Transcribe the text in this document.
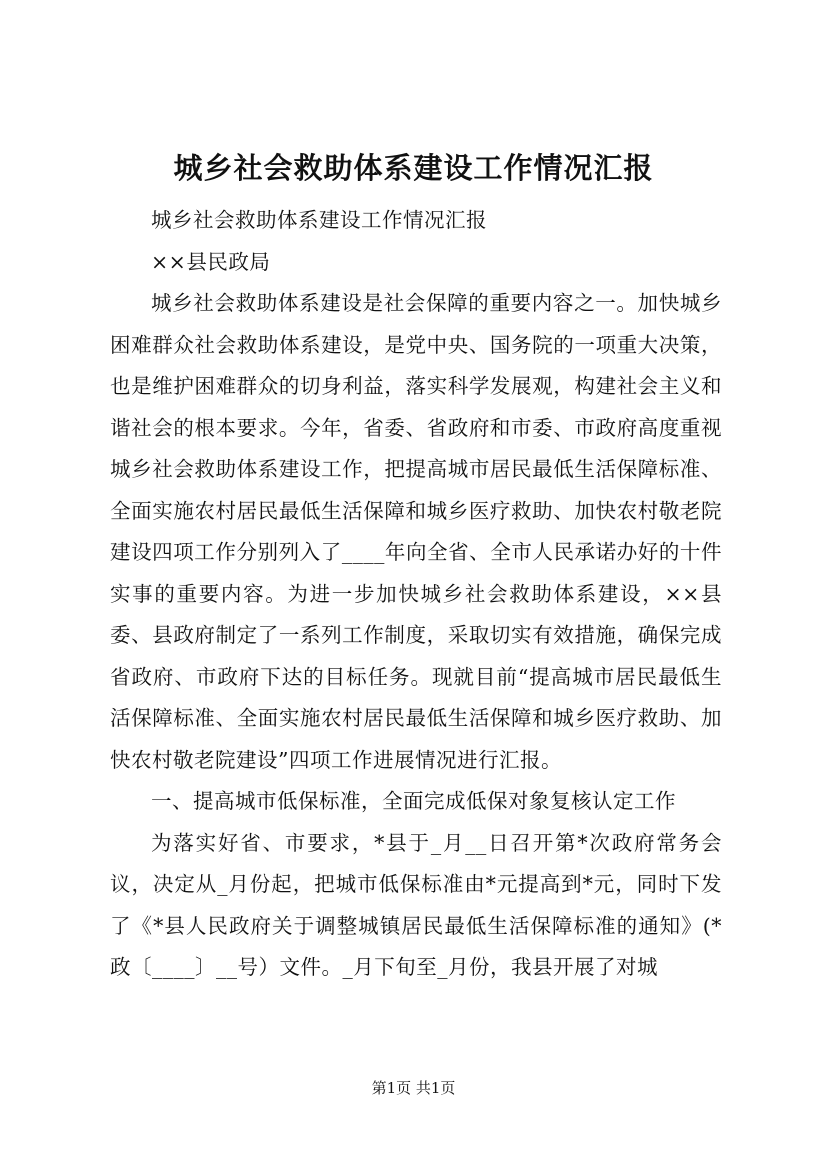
城乡社会救助体系建设工作情况汇报

城乡社会救助体系建设工作情况汇报

××县民政局

城乡社会救助体系建设是社会保障的重要内容之一。加快城乡困难群众社会救助体系建设，是党中央、国务院的一项重大决策，也是维护困难群众的切身利益，落实科学发展观，构建社会主义和谐社会的根本要求。今年，省委、省政府和市委、市政府高度重视城乡社会救助体系建设工作，把提高城市居民最低生活保障标准、全面实施农村居民最低生活保障和城乡医疗救助、加快农村敬老院建设四项工作分别列入了____年向全省、全市人民承诺办好的十件实事的重要内容。为进一步加快城乡社会救助体系建设，××县委、县政府制定了一系列工作制度，采取切实有效措施，确保完成省政府、市政府下达的目标任务。现就目前“提高城市居民最低生活保障标准、全面实施农村居民最低生活保障和城乡医疗救助、加快农村敬老院建设”四项工作进展情况进行汇报。

一、提高城市低保标准，全面完成低保对象复核认定工作

为落实好省、市要求，*县于_月__日召开第*次政府常务会议，决定从_月份起，把城市低保标准由*元提高到*元，同时下发了《*县人民政府关于调整城镇居民最低生活保障标准的通知》(*政〔____〕__号）文件。_月下旬至_月份，我县开展了对城

第1页 共1页
